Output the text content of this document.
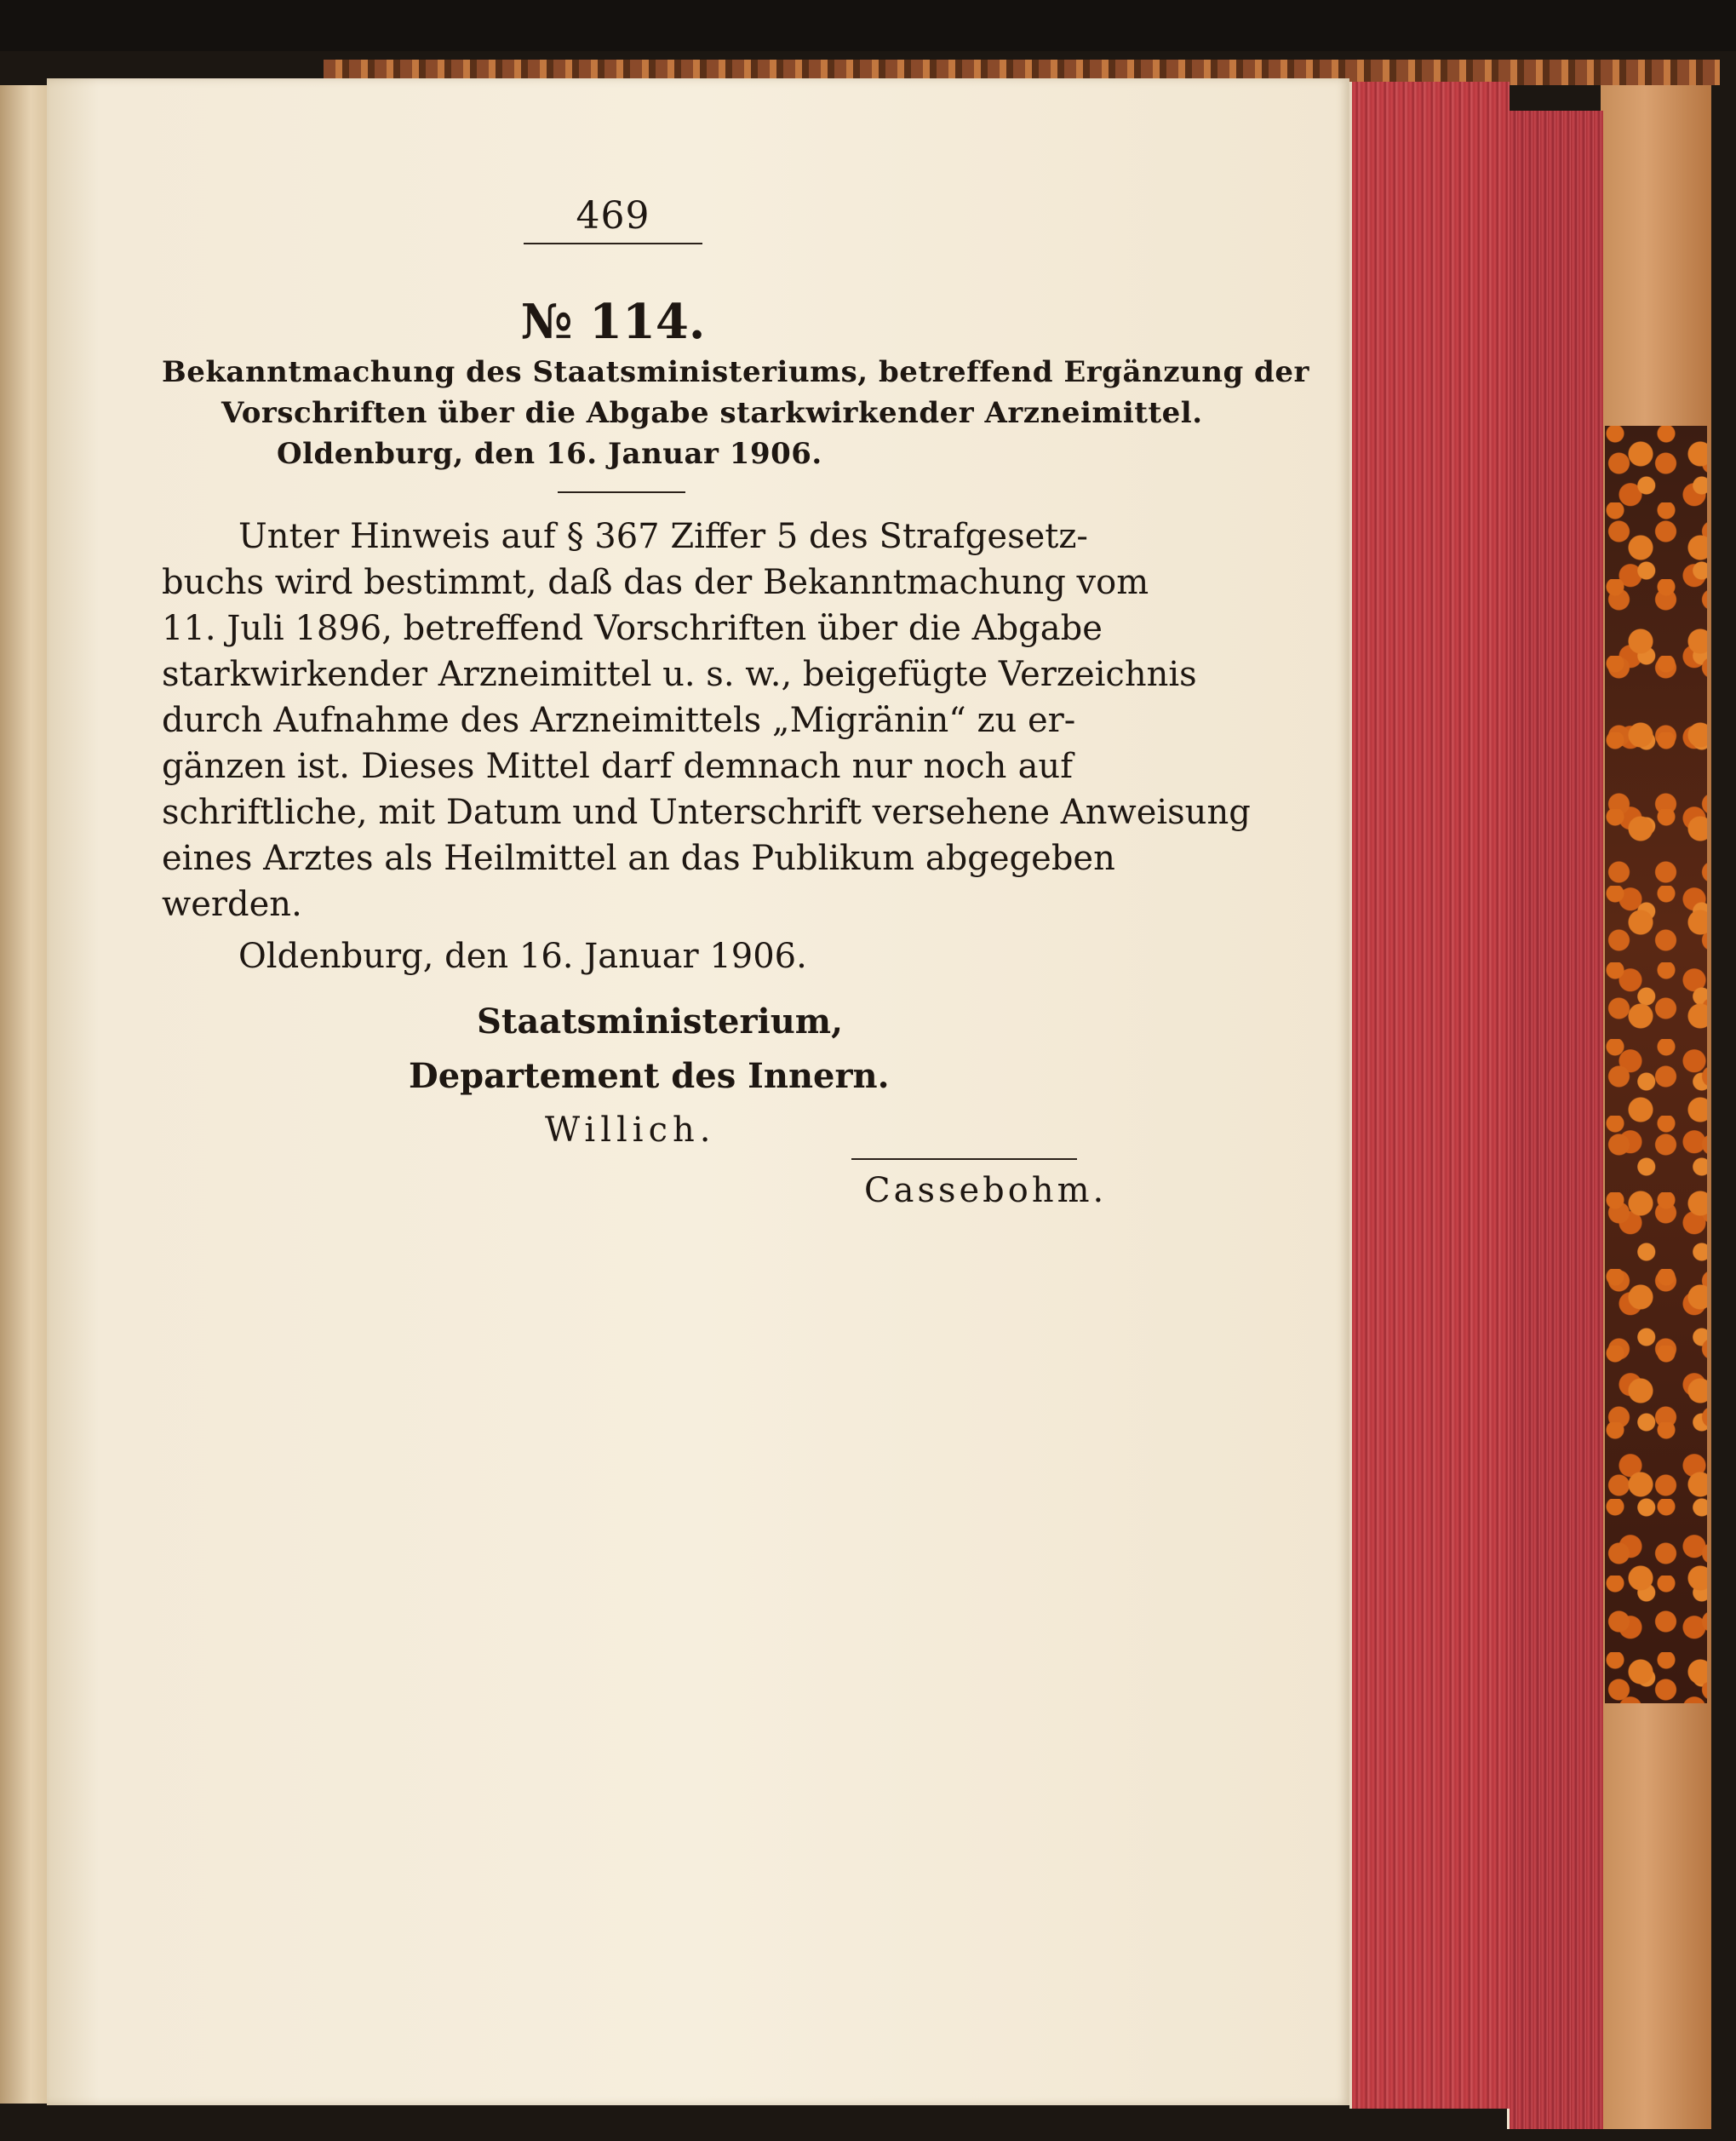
469
№ 114.
Bekanntmachung des Staatsministeriums, betreffend Ergänzung der
Vorschriften über die Abgabe starkwirkender Arzneimittel.
Oldenburg, den 16. Januar 1906.
Unter Hinweis auf § 367 Ziffer 5 des Strafgesetz-
buchs wird bestimmt, daß das der Bekanntmachung vom
11. Juli 1896, betreffend Vorschriften über die Abgabe
starkwirkender Arzneimittel u. s. w., beigefügte Verzeichnis
durch Aufnahme des Arzneimittels „Migränin“ zu er-
gänzen ist. Dieses Mittel darf demnach nur noch auf
schriftliche, mit Datum und Unterschrift versehene Anweisung
eines Arztes als Heilmittel an das Publikum abgegeben
werden.
Oldenburg, den 16. Januar 1906.
Staatsministerium,
Departement des Innern.
Willich.
Cassebohm.
